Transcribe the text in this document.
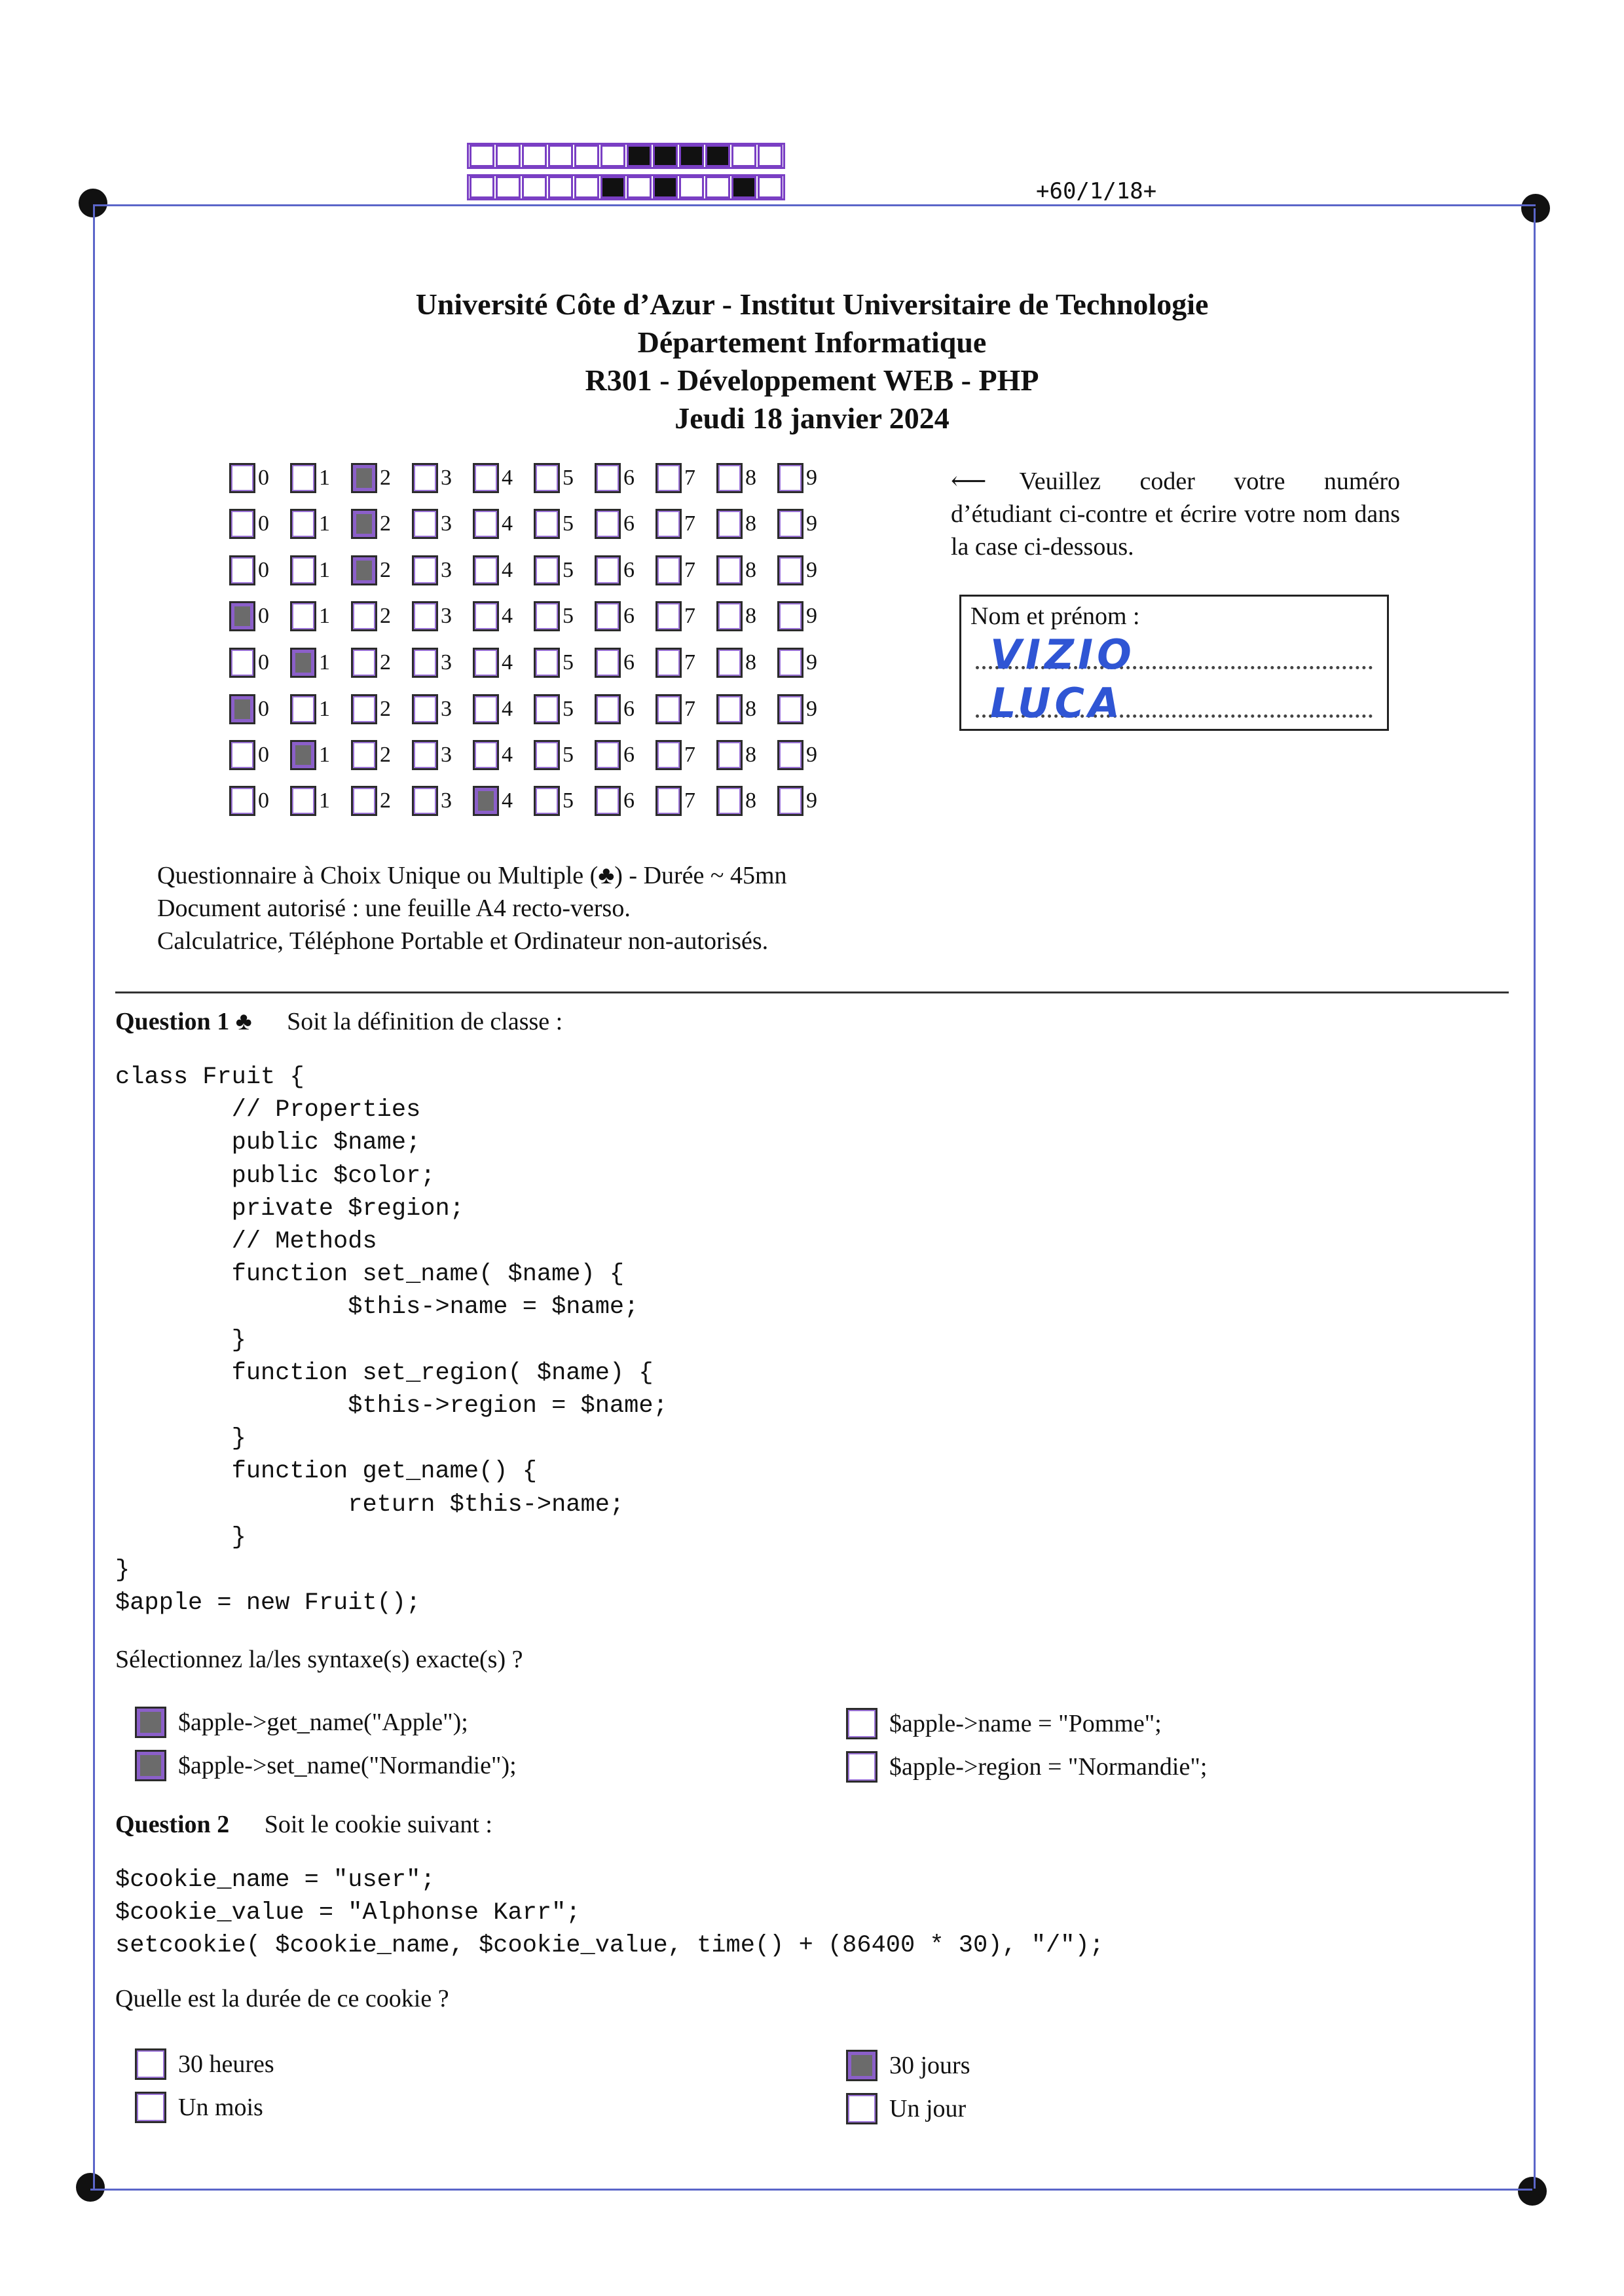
+60/1/18+
Université Côte d’Azur - Institut Universitaire de Technologie
Département Informatique
R301 - Développement WEB - PHP
Jeudi 18 janvier 2024
0 1 2 3 4 5 6 7 8 9
0 1 2 3 4 5 6 7 8 9
0 1 2 3 4 5 6 7 8 9
0 1 2 3 4 5 6 7 8 9
0 1 2 3 4 5 6 7 8 9
0 1 2 3 4 5 6 7 8 9
0 1 2 3 4 5 6 7 8 9
0 1 2 3 4 5 6 7 8 9
⟵ Veuillez coder votre numéro d’étudiant ci-contre et écrire votre nom dans la case ci-dessous.
Nom et prénom :
VIZIO
LUCA
Questionnaire à Choix Unique ou Multiple (♣) - Durée ~ 45mn
Document autorisé : une feuille A4 recto-verso.
Calculatrice, Téléphone Portable et Ordinateur non-autorisés.
Question 1 ♣ Soit la définition de classe :
class Fruit {
// Properties
public $name;
public $color;
private $region;
// Methods
function set_name( $name) {
$this->name = $name;
}
function set_region( $name) {
$this->region = $name;
}
function get_name() {
return $this->name;
}
}
$apple = new Fruit();
Sélectionnez la/les syntaxe(s) exacte(s) ?
$apple->get_name("Apple");
$apple->set_name("Normandie");
$apple->name = "Pomme";
$apple->region = "Normandie";
Question 2 Soit le cookie suivant :
$cookie_name = "user";
$cookie_value = "Alphonse Karr";
setcookie( $cookie_name, $cookie_value, time() + (86400 * 30), "/");
Quelle est la durée de ce cookie ?
30 heures
Un mois
30 jours
Un jour
